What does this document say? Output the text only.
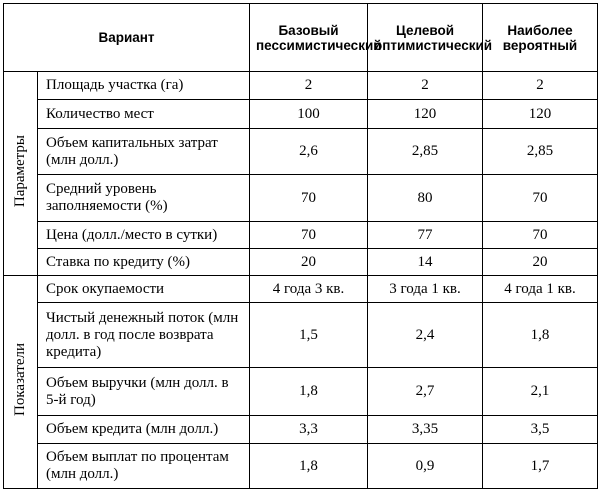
Вариант		Базовый пессимистический	Целевой оптимистический	Наиболее вероятный
Параметры	Площадь участка (га)	2	2	2
	Количество мест	100	120	120
	Объем капитальных затрат (млн долл.)	2,6	2,85	2,85
	Средний уровень заполняемости (%)	70	80	70
	Цена (долл./место в сутки)	70	77	70
	Ставка по кредиту (%)	20	14	20
Показатели	Срок окупаемости	4 года 3 кв.	3 года 1 кв.	4 года 1 кв.
	Чистый денежный поток (млн долл. в год после возврата кредита)	1,5	2,4	1,8
	Объем выручки (млн долл. в 5-й год)	1,8	2,7	2,1
	Объем кредита (млн долл.)	3,3	3,35	3,5
	Объем выплат по процентам (млн долл.)	1,8	0,9	1,7
